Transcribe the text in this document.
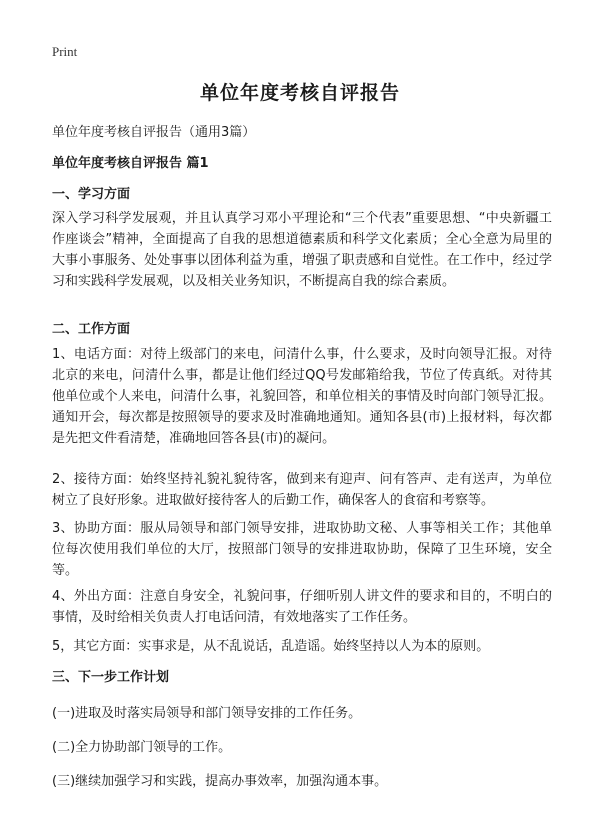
Print
单位年度考核自评报告
单位年度考核自评报告（通用3篇）
单位年度考核自评报告 篇1
一、学习方面
深入学习科学发展观，并且认真学习邓小平理论和“三个代表”重要思想、“中央新疆工作座谈会”精神，全面提高了自我的思想道德素质和科学文化素质；全心全意为局里的大事小事服务、处处事事以团体利益为重，增强了职责感和自觉性。在工作中，经过学习和实践科学发展观，以及相关业务知识，不断提高自我的综合素质。
二、工作方面
1、电话方面：对待上级部门的来电，问清什么事，什么要求，及时向领导汇报。对待北京的来电，问清什么事，都是让他们经过QQ号发邮箱给我，节位了传真纸。对待其他单位或个人来电，问清什么事，礼貌回答，和单位相关的事情及时向部门领导汇报。通知开会，每次都是按照领导的要求及时准确地通知。通知各县(市)上报材料，每次都是先把文件看清楚，准确地回答各县(市)的凝问。
2、接待方面：始终坚持礼貌礼貌待客，做到来有迎声、问有答声、走有送声，为单位树立了良好形象。进取做好接待客人的后勤工作，确保客人的食宿和考察等。
3、协助方面：服从局领导和部门领导安排，进取协助文秘、人事等相关工作；其他单位每次使用我们单位的大厅，按照部门领导的安排进取协助，保障了卫生环境，安全等。
4、外出方面：注意自身安全，礼貌问事，仔细听别人讲文件的要求和目的，不明白的事情，及时给相关负责人打电话问清，有效地落实了工作任务。
5，其它方面：实事求是，从不乱说话，乱造谣。始终坚持以人为本的原则。
三、下一步工作计划
(一)进取及时落实局领导和部门领导安排的工作任务。
(二)全力协助部门领导的工作。
(三)继续加强学习和实践，提高办事效率，加强沟通本事。
